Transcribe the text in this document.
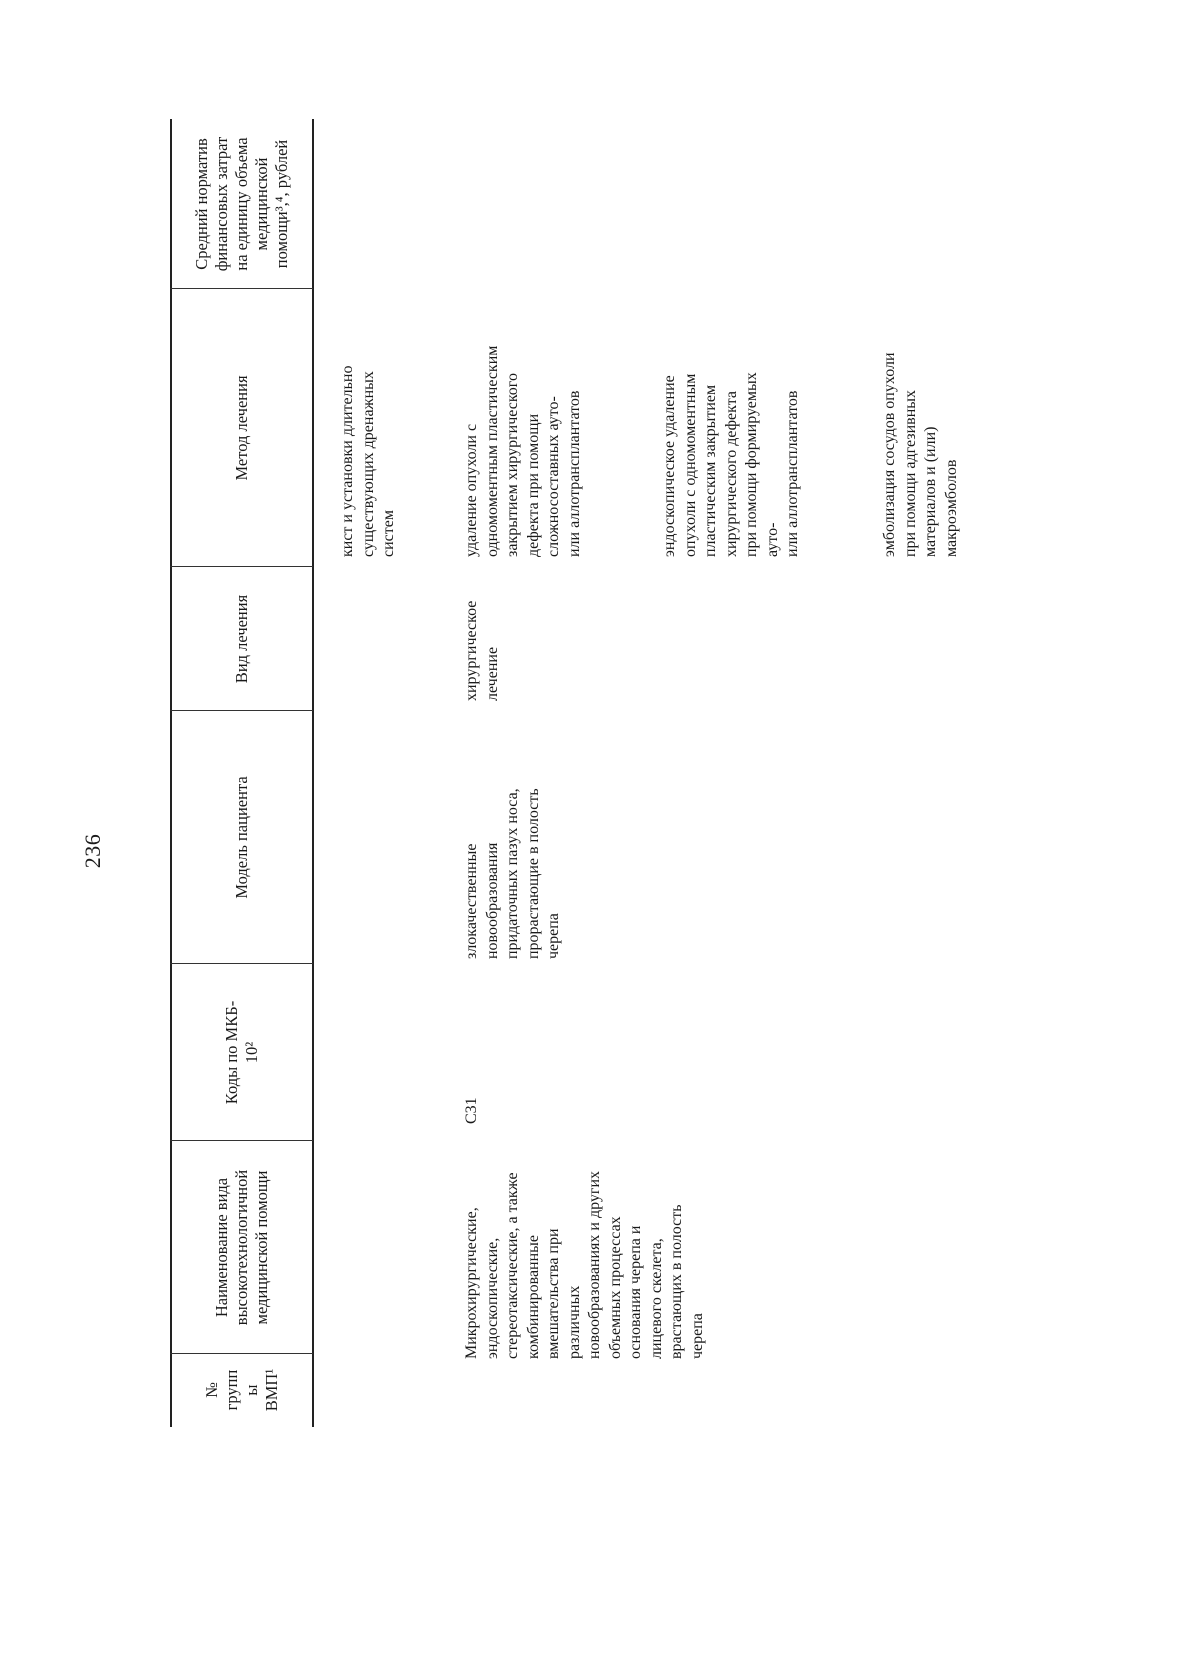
236
№
групп
ы
ВМП¹
Наименование вида
высокотехнологичной
медицинской помощи
Коды по МКБ-
10²
Модель пациента
Вид лечения
Метод лечения
Средний норматив
финансовых затрат
на единицу объема
медицинской
помощи³,⁴, рублей
кист и установки длительно
существующих дренажных
систем
Микрохирургические,
эндоскопические,
стереотаксические, а также
комбинированные
вмешательства при
различных
новообразованиях и других
объемных процессах
основания черепа и
лицевого скелета,
врастающих в полость
черепа
C31
злокачественные
новообразования
придаточных пазух носа,
прорастающие в полость
черепа
хирургическое
лечение
удаление опухоли с
одномоментным пластическим
закрытием хирургического
дефекта при помощи
сложносоставных ауто-
или аллотрансплантатов	эндоскопическое удаление
опухоли с одномоментным
пластическим закрытием
хирургического дефекта
при помощи формируемых
ауто-
или аллотрансплантатов	эмболизация сосудов опухоли
при помощи адгезивных
материалов и (или)
макроэмболов
